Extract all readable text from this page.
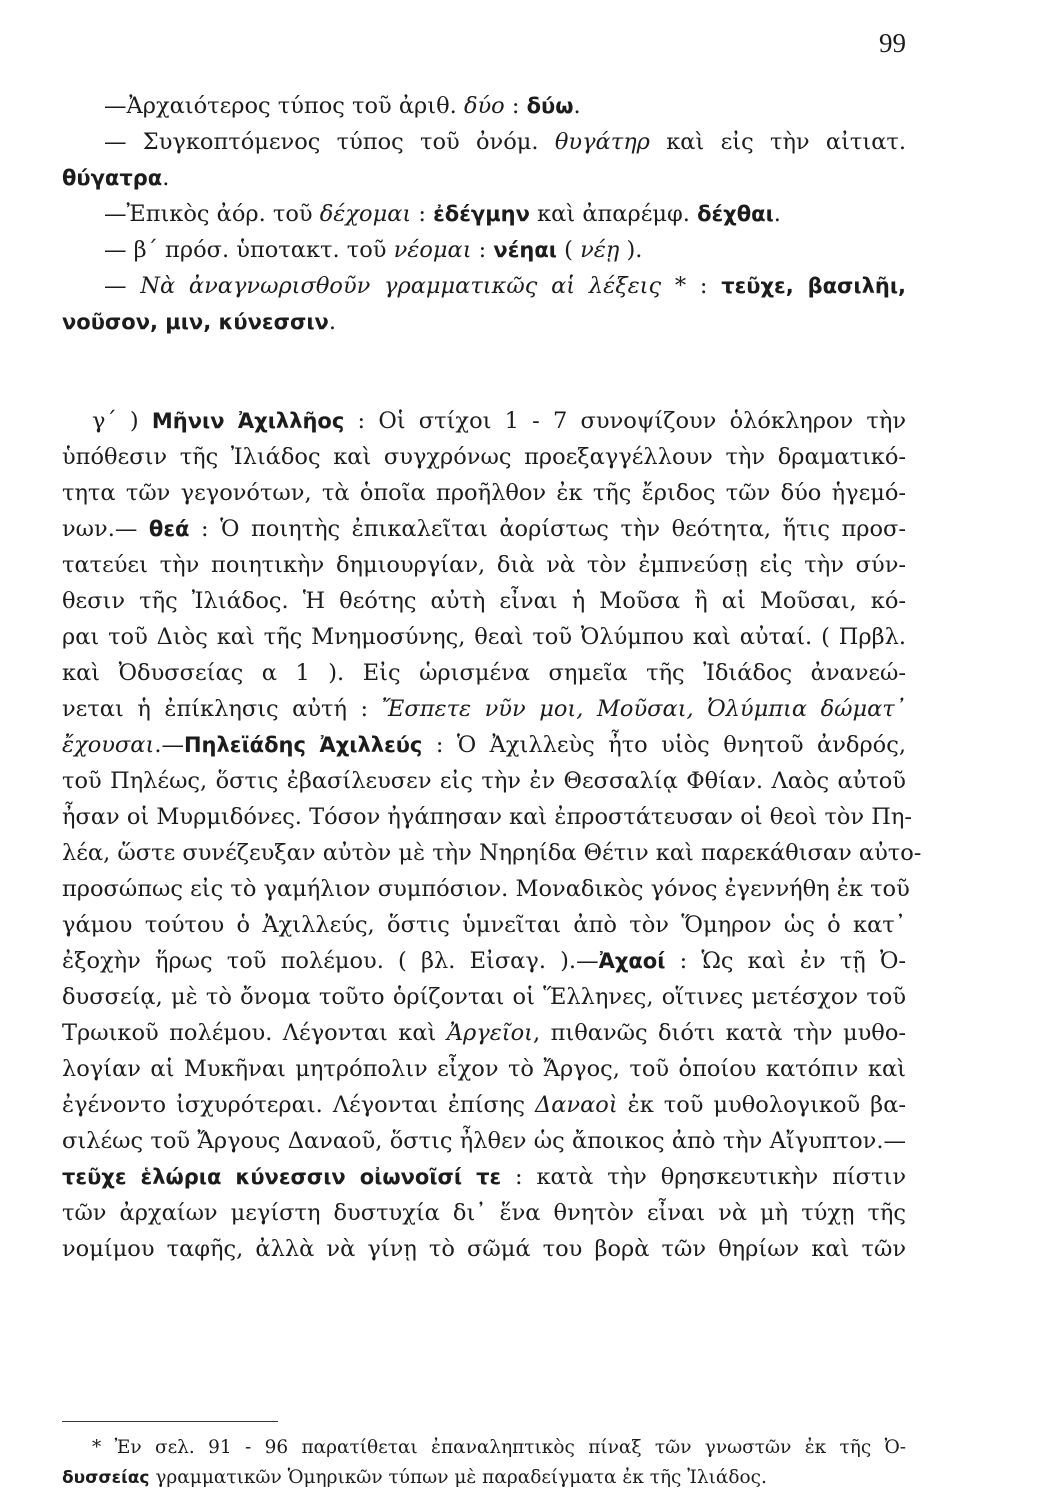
99
—Ἀρχαιότερος τύπος τοῦ ἀριθ. δύο : δύω.
— Συγκοπτόμενος τύπος τοῦ ὀνόμ. θυγάτηρ καὶ εἰς τὴν αἰτιατ.
θύγατρα.
—Ἐπικὸς ἀόρ. τοῦ δέχομαι : ἐδέγμην καὶ ἀπαρέμφ. δέχθαι.
— β΄ πρόσ. ὑποτακτ. τοῦ νέομαι : νέηαι ( νέῃ ).
— Νὰ ἀναγνωρισθοῦν γραμματικῶς αἱ λέξεις * : τεῦχε, βασιλῆι,
νοῦσον, μιν, κύνεσσιν.
γ΄ ) Μῆνιν Ἀχιλλῆος : Οἱ στίχοι 1 - 7 συνοψίζουν ὁλόκληρον τὴν
ὑπόθεσιν τῆς Ἰλιάδος καὶ συγχρόνως προεξαγγέλλουν τὴν δραματικό-
τητα τῶν γεγονότων, τὰ ὁποῖα προῆλθον ἐκ τῆς ἔριδος τῶν δύο ἡγεμό-
νων.— θεά : Ὁ ποιητὴς ἐπικαλεῖται ἀορίστως τὴν θεότητα, ἥτις προσ-
τατεύει τὴν ποιητικὴν δημιουργίαν, διὰ νὰ τὸν ἐμπνεύσῃ εἰς τὴν σύν-
θεσιν τῆς Ἰλιάδος. Ἡ θεότης αὐτὴ εἶναι ἡ Μοῦσα ἢ αἱ Μοῦσαι, κό-
ραι τοῦ Διὸς καὶ τῆς Μνημοσύνης, θεαὶ τοῦ Ὀλύμπου καὶ αὐταί. ( Πρβλ.
καὶ Ὀδυσσείας α 1 ). Εἰς ὡρισμένα σημεῖα τῆς Ἰδιάδος ἀνανεώ-
νεται ἡ ἐπίκλησις αὐτή : Ἔσπετε νῦν μοι, Μοῦσαι, Ὀλύμπια δώματ᾽
ἔχουσαι.—Πηλεϊάδης Ἀχιλλεύς : Ὁ Ἀχιλλεὺς ἦτο υἱὸς θνητοῦ ἀνδρός,
τοῦ Πηλέως, ὅστις ἐβασίλευσεν εἰς τὴν ἐν Θεσσαλίᾳ Φθίαν. Λαὸς αὐτοῦ
ἦσαν οἱ Μυρμιδόνες. Τόσον ἠγάπησαν καὶ ἐπροστάτευσαν οἱ θεοὶ τὸν Πη-
λέα, ὥστε συνέζευξαν αὐτὸν μὲ τὴν Νηρηίδα Θέτιν καὶ παρεκάθισαν αὐτο-
προσώπως εἰς τὸ γαμήλιον συμπόσιον. Μοναδικὸς γόνος ἐγεννήθη ἐκ τοῦ
γάμου τούτου ὁ Ἀχιλλεύς, ὅστις ὑμνεῖται ἀπὸ τὸν Ὅμηρον ὡς ὁ κατ᾽
ἐξοχὴν ἥρως τοῦ πολέμου. ( βλ. Εἰσαγ. ).—Ἀχαοί : Ὡς καὶ ἐν τῇ Ὀ-
δυσσείᾳ, μὲ τὸ ὄνομα τοῦτο ὁρίζονται οἱ Ἕλληνες, οἵτινες μετέσχον τοῦ
Τρωικοῦ πολέμου. Λέγονται καὶ Ἀργεῖοι, πιθανῶς διότι κατὰ τὴν μυθο-
λογίαν αἱ Μυκῆναι μητρόπολιν εἶχον τὸ Ἄργος, τοῦ ὁποίου κατόπιν καὶ
ἐγένοντο ἰσχυρότεραι. Λέγονται ἐπίσης Δαναοὶ ἐκ τοῦ μυθολογικοῦ βα-
σιλέως τοῦ Ἄργους Δαναοῦ, ὅστις ἦλθεν ὡς ἄποικος ἀπὸ τὴν Αἴγυπτον.—
τεῦχε ἑλώρια κύνεσσιν οἰωνοῖσί τε : κατὰ τὴν θρησκευτικὴν πίστιν
τῶν ἀρχαίων μεγίστη δυστυχία δι᾽ ἕνα θνητὸν εἶναι νὰ μὴ τύχῃ τῆς
νομίμου ταφῆς, ἀλλὰ νὰ γίνῃ τὸ σῶμά του βορὰ τῶν θηρίων καὶ τῶν
* Ἐν σελ. 91 - 96 παρατίθεται ἐπαναληπτικὸς πίναξ τῶν γνωστῶν ἐκ τῆς Ὀ-
δυσσείας γραμματικῶν Ὁμηρικῶν τύπων μὲ παραδείγματα ἐκ τῆς Ἰλιάδος.
